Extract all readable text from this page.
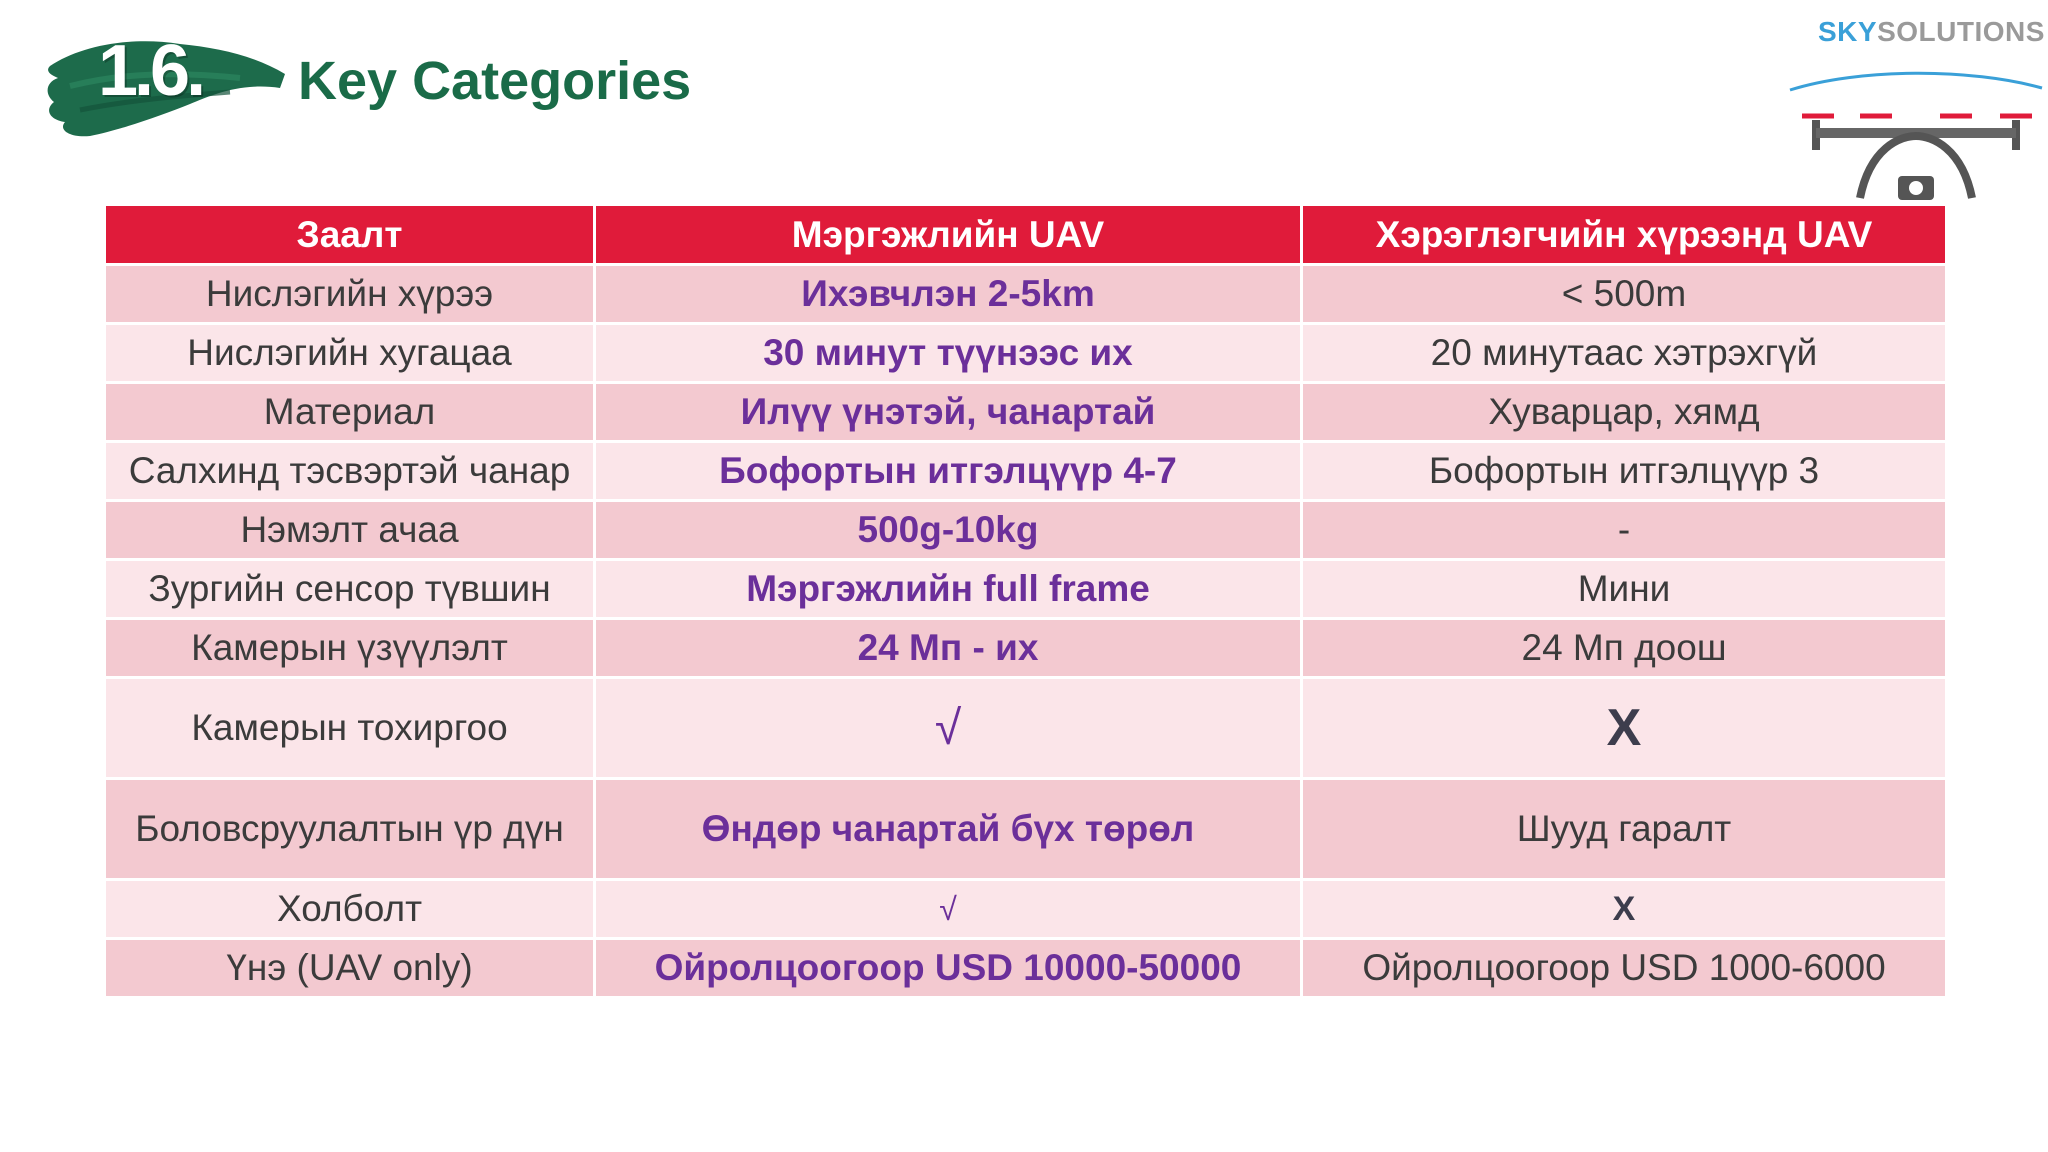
1.6. Key Categories
SKYSOLUTIONS
Заалт	Мэргэжлийн UAV	Хэрэглэгчийн хүрээнд UAV
Нислэгийн хүрээ	Ихэвчлэн 2-5km	< 500m
Нислэгийн хугацаа	30 минут түүнээс их	20 минутаас хэтрэхгүй
Материал	Илүү үнэтэй, чанартай	Хуварцар, хямд
Салхинд тэсвэртэй чанар	Бофортын итгэлцүүр 4-7	Бофортын итгэлцүүр 3
Нэмэлт ачаа	500g-10kg	-
Зургийн сенсор түвшин	Мэргэжлийн full frame	Мини
Камерын үзүүлэлт	24 Мп - их	24 Мп доош
Камерын тохиргоо	√	X
Боловсруулалтын үр дүн	Өндөр чанартай бүх төрөл	Шууд гаралт
Холболт	√	X
Үнэ (UAV only)	Ойролцоогоор USD 10000-50000	Ойролцоогоор USD 1000-6000
